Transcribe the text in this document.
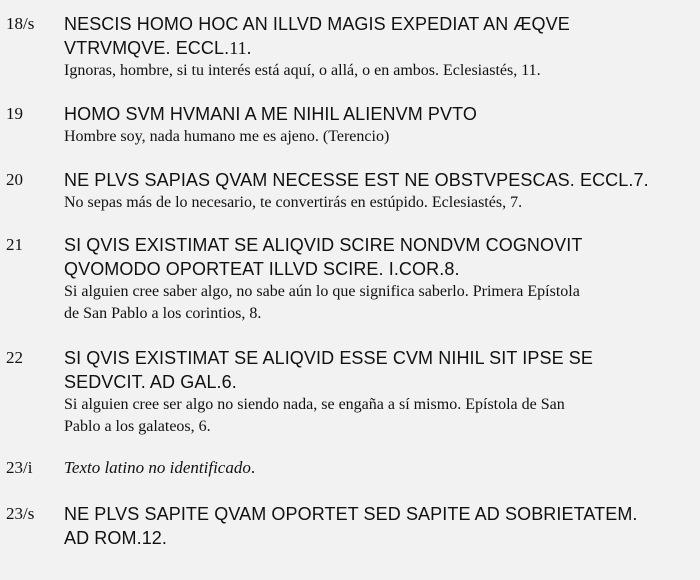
18/s NESCIS HOMO HOC AN ILLVD MAGIS EXPEDIAT AN ÆQVE
VTRVMQVE. ECCL.11.
Ignoras, hombre, si tu interés está aquí, o allá, o en ambos. Eclesiastés, 11.
19 HOMO SVM HVMANI A ME NIHIL ALIENVM PVTO
Hombre soy, nada humano me es ajeno. (Terencio)
20 NE PLVS SAPIAS QVAM NECESSE EST NE OBSTVPESCAS. ECCL.7.
No sepas más de lo necesario, te convertirás en estúpido. Eclesiastés, 7.
21 SI QVIS EXISTIMAT SE ALIQVID SCIRE NONDVM COGNOVIT
QVOMODO OPORTEAT ILLVD SCIRE. I.COR.8.
Si alguien cree saber algo, no sabe aún lo que significa saberlo. Primera Epístola
de San Pablo a los corintios, 8.
22 SI QVIS EXISTIMAT SE ALIQVID ESSE CVM NIHIL SIT IPSE SE
SEDVCIT. AD GAL.6.
Si alguien cree ser algo no siendo nada, se engaña a sí mismo. Epístola de San
Pablo a los galateos, 6.
23/i Texto latino no identificado.
23/s NE PLVS SAPITE QVAM OPORTET SED SAPITE AD SOBRIETATEM.
AD ROM.12.
